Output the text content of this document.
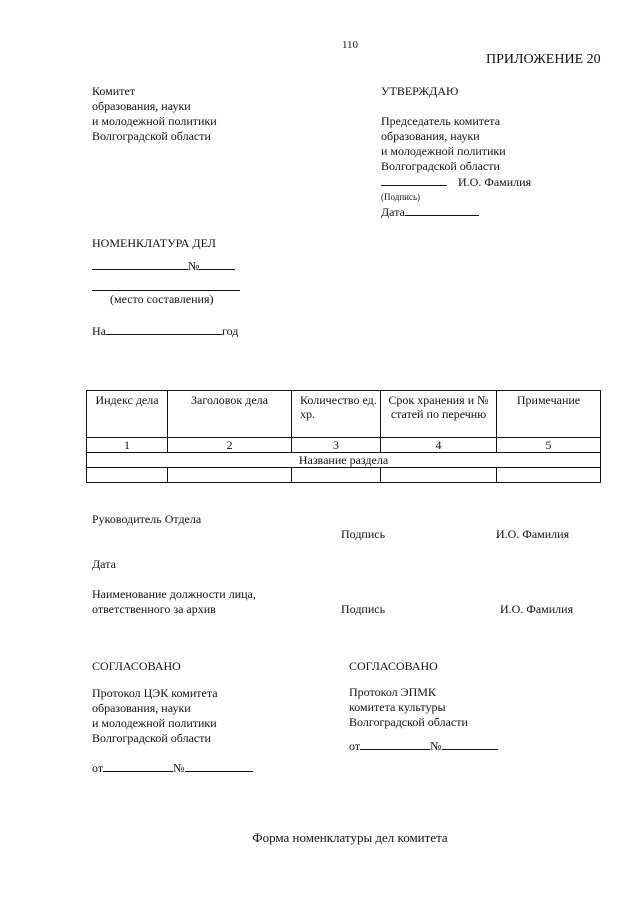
110
ПРИЛОЖЕНИЕ 20
Комитет
образования, науки
и молодежной политики
Волгоградской области
УТВЕРЖДАЮ
Председатель комитета
образования, науки
и молодежной политики
Волгоградской области
И.О. Фамилия
(Подпись)
Дата
НОМЕНКЛАТУРА ДЕЛ
№
(место составления)
На	год
Индекс дела	Заголовок дела	Количество ед. хр.	Срок хранения и № статей по перечню	Примечание
1	2	3	4	5
Название раздела				

Руководитель Отдела
Подпись	И.О. Фамилия
Дата
Наименование должности лица,
ответственного за архив	Подпись	И.О. Фамилия
СОГЛАСОВАНО
Протокол ЦЭК комитета
образования, науки
и молодежной политики
Волгоградской области
от	№
СОГЛАСОВАНО
Протокол ЭПМК
комитета культуры
Волгоградской области
от	№
Форма номенклатуры дел комитета
